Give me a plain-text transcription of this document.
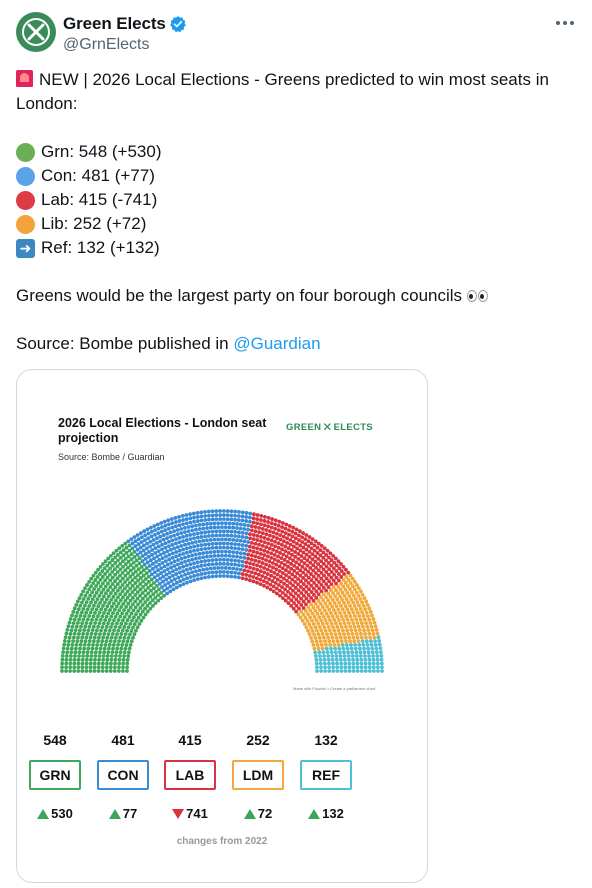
Green Elects
@GrnElects
NEW | 2026 Local Elections - Greens predicted to win most seats in London:
Grn: 548 (+530)
Con: 481 (+77)
Lab: 415 (-741)
Lib: 252 (+72)
➜ Ref: 132 (+132)
Greens would be the largest party on four borough councils
Source: Bombe published in @Guardian
2026 Local Elections - London seat projection
Source: Bombe / Guardian
GREEN ✕ ELECTS
Made with Flourish • Create a parliament chart
548
GRN
530
481
CON
77
415
LAB
741
252
LDM
72
132
REF
132
changes from 2022
